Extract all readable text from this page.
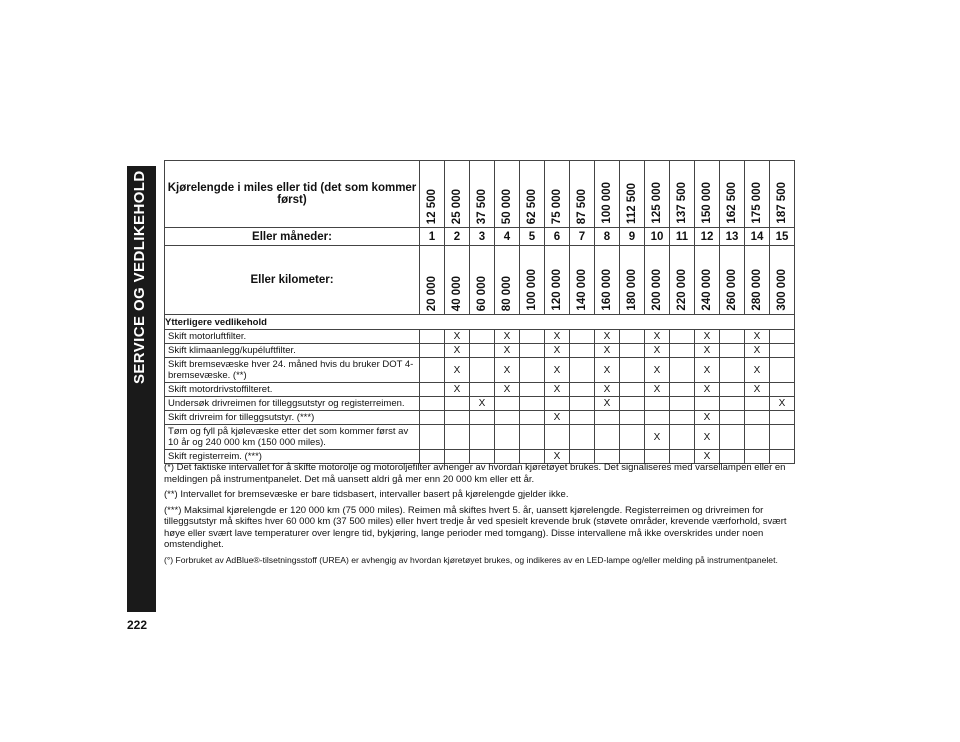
SERVICE OG VEDLIKEHOLD
222
Kjørelengde i miles eller tid (det som kommer først)	12 500	25 000	37 500	50 000	62 500	75 000	87 500	100 000	112 500	125 000	137 500	150 000	162 500	175 000	187 500

Eller måneder:	1	2	3	4	5	6	7	8	9	10	11	12	13	14	15
Eller kilometer:	20 000	40 000	60 000	80 000	100 000	120 000	140 000	160 000	180 000	200 000	220 000	240 000	260 000	280 000	300 000

Ytterligere vedlikehold															
Skift motorluftfilter.		X		X		X		X		X		X		X	
Skift klimaanlegg/kupéluftfilter.		X		X		X		X		X		X		X	
Skift bremsevæske hver 24. måned hvis du bruker DOT 4-bremsevæske. (**)		X		X		X		X		X		X		X	
Skift motordrivstoffilteret.		X		X		X		X		X		X		X	
Undersøk drivreimen for tilleggsutstyr og registerreimen.			X					X							X
Skift drivreim for tilleggsutstyr. (***)						X						X			
Tøm og fyll på kjølevæske etter det som kommer først av 10 år og 240 000 km (150 000 miles).										X		X			
Skift registerreim. (***)						X						X			

(*) Det faktiske intervallet for å skifte motorolje og motoroljefilter avhenger av hvordan kjøretøyet brukes. Det signaliseres med varsellampen eller en meldingen på instrumentpanelet. Det må uansett aldri gå mer enn 20 000 km eller ett år.

(**) Intervallet for bremsevæske er bare tidsbasert, intervaller basert på kjørelengde gjelder ikke.

(***) Maksimal kjørelengde er 120 000 km (75 000 miles). Reimen må skiftes hvert 5. år, uansett kjørelengde. Registerreimen og drivreimen for tilleggsutstyr må skiftes hver 60 000 km (37 500 miles) eller hvert tredje år ved spesielt krevende bruk (støvete områder, krevende værforhold, svært høye eller svært lave temperaturer over lengre tid, bykjøring, lange perioder med tomgang). Disse intervallene må ikke overskrides under noen omstendighet.

(°) Forbruket av AdBlue®-tilsetningsstoff (UREA) er avhengig av hvordan kjøretøyet brukes, og indikeres av en LED-lampe og/eller melding på instrumentpanelet.
